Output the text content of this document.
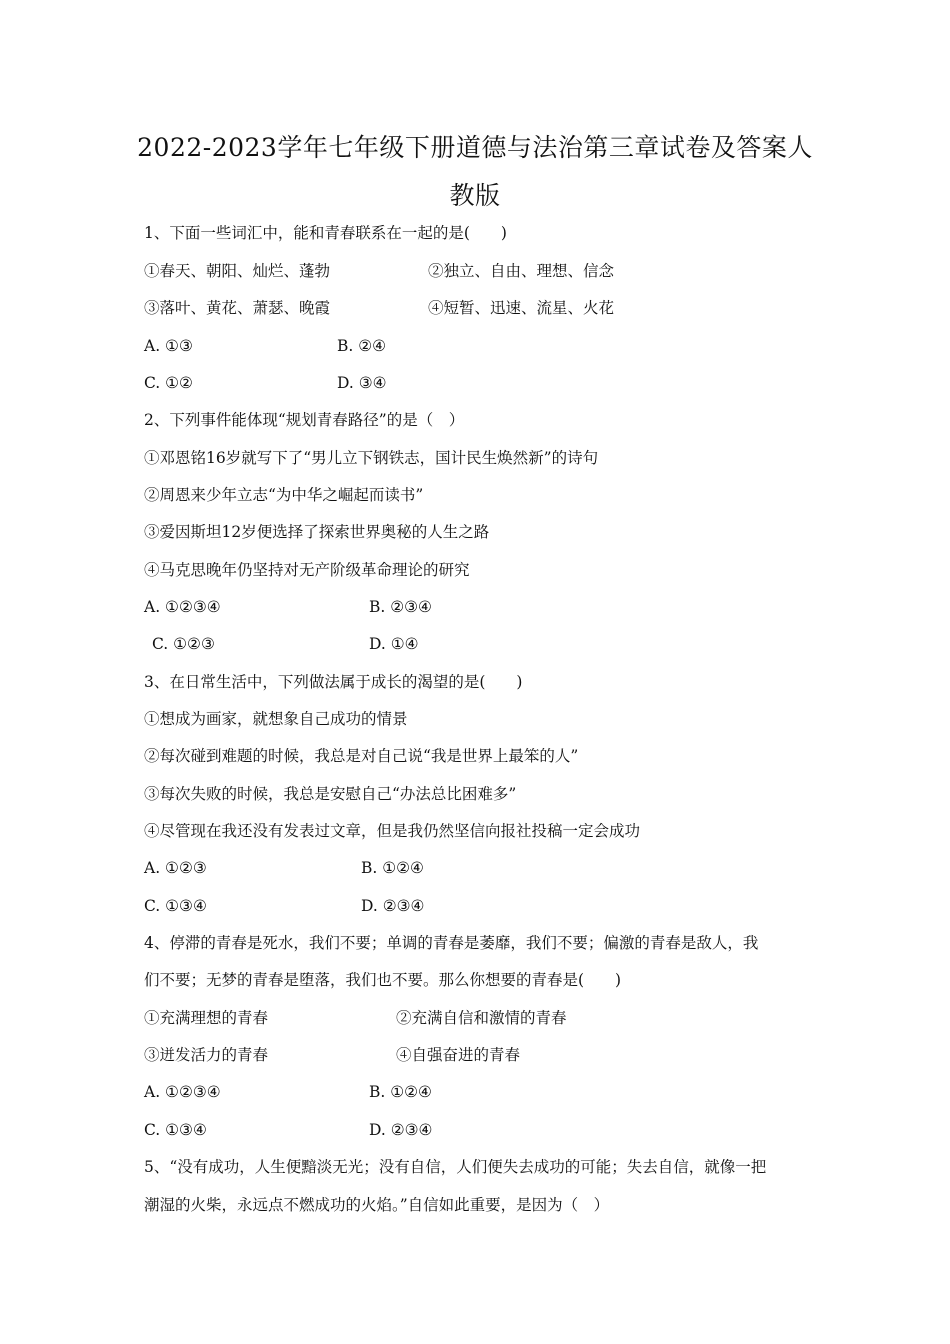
2022-2023学年七年级下册道德与法治第三章试卷及答案人
教版
1、下面一些词汇中，能和青春联系在一起的是(　　)
①春天、朝阳、灿烂、蓬勃	②独立、自由、理想、信念
③落叶、黄花、萧瑟、晚霞	④短暂、迅速、流星、火花
A. ①③	B. ②④
C. ①②	D. ③④
2、下列事件能体现“规划青春路径”的是（　）
①邓恩铭16岁就写下了“男儿立下钢铁志，国计民生焕然新”的诗句
②周恩来少年立志“为中华之崛起而读书”
③爱因斯坦12岁便选择了探索世界奥秘的人生之路
④马克思晚年仍坚持对无产阶级革命理论的研究
A. ①②③④	B. ②③④
C. ①②③	D. ①④
3、在日常生活中，下列做法属于成长的渴望的是(　　)
①想成为画家，就想象自己成功的情景
②每次碰到难题的时候，我总是对自己说“我是世界上最笨的人”
③每次失败的时候，我总是安慰自己“办法总比困难多”
④尽管现在我还没有发表过文章，但是我仍然坚信向报社投稿一定会成功
A. ①②③	B. ①②④
C. ①③④	D. ②③④
4、停滞的青春是死水，我们不要；单调的青春是萎靡，我们不要；偏激的青春是敌人，我
们不要；无梦的青春是堕落，我们也不要。那么你想要的青春是(　　)
①充满理想的青春	②充满自信和激情的青春
③迸发活力的青春	④自强奋进的青春
A. ①②③④	B. ①②④
C. ①③④	D. ②③④
5、“没有成功，人生便黯淡无光；没有自信，人们便失去成功的可能；失去自信，就像一把
潮湿的火柴，永远点不燃成功的火焰。”自信如此重要，是因为（　）
